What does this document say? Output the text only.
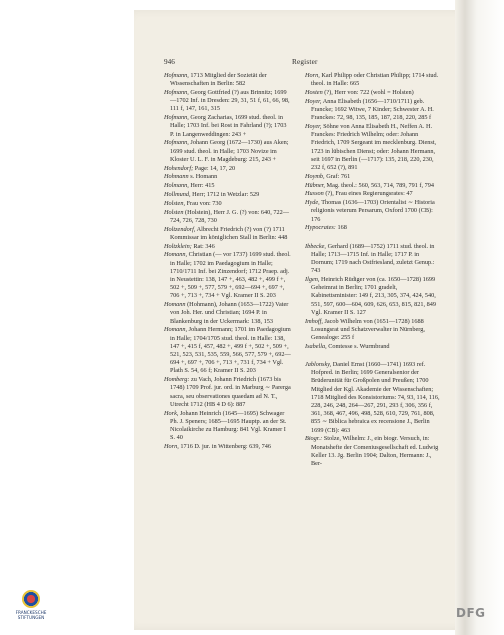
946	Register
Hofmann, 1713 Mitglied der Sozietät der Wissenschaften in Berlin: 582
Hofmann, Georg Gottfried (?) aus Brinnitz; 1699—1702 Inf. in Dresden: 29, 31, 51 f, 61, 66, 98, 111 f, 147, 161, 315
Hofmann, Georg Zacharias, 1699 stud. theol. in Halle; 1703 Inf. bei Rost in Fahrland (?); 1703 P. in Langenweddingen: 243 +
Hofmann, Johann Georg (1672—1730) aus Aken; 1699 stud. theol. in Halle; 1703 Novize im Kloster U. L. F. in Magdeburg: 215, 243 +
Hohendorf; Page: 14, 17, 20
Hohmann s. Homann
Holmann, Herr: 415
Hollmund, Herr; 1712 in Wetzlar: 529
Holsten, Frau von: 730
Holsten (Holstein), Herr J. G. (?) von: 640, 722—724, 726, 728, 730
Holtzendorf, Albrecht Friedrich (?) von (?) 1711 Kommissar im königlichen Stall in Berlin: 448
Holtzklein; Rat: 346
Homann, Christian (— vor 1737) 1699 stud. theol. in Halle; 1702 im Paedagogium in Halle; 1710/1711 Inf. bei Zinzendorf; 1712 Praep. adj. in Neustettin: 138, 147 +, 463, 482 +, 499 f +, 502 +, 509 +, 577, 579 +, 692—694 +, 697 +, 706 +, 713 +, 734 + Vgl. Kramer II S. 203
Homann (Hohmann), Johann (1653—1722) Vater von Joh. Her. und Christian; 1694 P. in Blankenburg in der Uckermark: 138, 153
Homann, Johann Hermann; 1701 im Paedagogium in Halle; 1704/1705 stud. theol. in Halle: 138, 147 +, 415 f, 457, 482 +, 499 f +, 502 +, 509 +, 521, 523, 531, 535, 559, 566, 577, 579 +, 692—694 +, 697 +, 706 +, 713 +, 731 f, 734 + Vgl. Plath S. 54, 66 f; Kramer II S. 203
Homberg: zu Vach, Johann Friedrich (1673 bis 1748) 1709 Prof. jur. ord. in Marburg ∼ Parerga sacra, seu observationes quaedam ad N. T., Utrecht 1712 (HB 4 D 6): 887
Hork, Johann Heinrich (1645—1695) Schwager Ph. J. Speners; 1685—1695 Hauptp. an der St. Nicolaikirche zu Hamburg: 841 Vgl. Kramer I S. 40
Horn, 1716 D. jur. in Wittenberg: 639, 746
Horn, Karl Philipp oder Christian Philipp; 1714 stud. theol. in Halle: 665
Hosten (?), Herr von: 722 (wohl = Holsten)
Hoyer, Anna Elisabeth (1656—1710/1711) geb. Francke; 1692 Witwe, 7 Kinder; Schwester A. H. Franckes: 72, 98, 135, 185, 187, 218, 220, 285 f
Hoyer, Söhne von Anna Elisabeth H., Neffen A. H. Franckes: Friedrich Wilhelm; oder: Johann Friedrich, 1709 Sergeant im mecklenburg. Dienst, 1723 in lübischen Dienst; oder: Johann Hermann, seit 1697 in Berlin (—1717): 135, 218, 220, 230, 232 f, 652 (?), 891
Hoymb, Graf: 761
Hübner, Mag. theol.: 560, 563, 714, 789, 791 f, 794
Husson (?), Frau eines Regierungsrates: 47
Hyde, Thomas (1636—1703) Orientalist ∼ Historia religionis veterum Persarum, Oxford 1700 (CB): 176
Hypocrates: 168
Ibbecke, Gerhard (1689—1752) 1711 stud. theol. in Halle; 1713—1715 Inf. in Halle; 1717 P. in Dornum; 1719 nach Ostfriesland, zuletzt Genup.: 743
Ilgen, Heinrich Rüdiger von (ca. 1650—1728) 1699 Geheimrat in Berlin; 1701 gradelt, Kabinettsminister: 149 f, 213, 305, 374, 424, 540, 551, 597, 600—604, 609, 626, 653, 815, 821, 849 Vgl. Kramer II S. 127
Imhoff, Jacob Wilhelm von (1651—1728) 1688 Losungsrat und Schatzverwalter in Nürnberg, Genealoge: 255 f
Isabella, Comtesse s. Wurmbrand
Jablonsky, Daniel Ernst (1660—1741) 1693 ref. Hofpred. in Berlin; 1699 Generalsenior der Brüderunität für Großpolen und Preußen; 1700 Mitglied der Kgl. Akademie der Wissenschaften; 1718 Mitglied des Konsistoriums: 74, 93, 114, 116, 228, 246, 248, 264—267, 291, 293 f, 306, 356 f, 361, 368, 467, 496, 498, 528, 610, 729, 761, 808, 855 ∼ Biblica hebraica ex recensione J., Berlin 1699 (CB): 463
Biogr.: Stolze, Wilhelm: J., ein biogr. Versuch, in: Monatshefte der Comeniusgesellschaft ed. Ludwig Keller 13. Jg. Berlin 1904; Dalton, Hermann: J., Ber-
FRANCKESCHE STIFTUNGEN	DFG
